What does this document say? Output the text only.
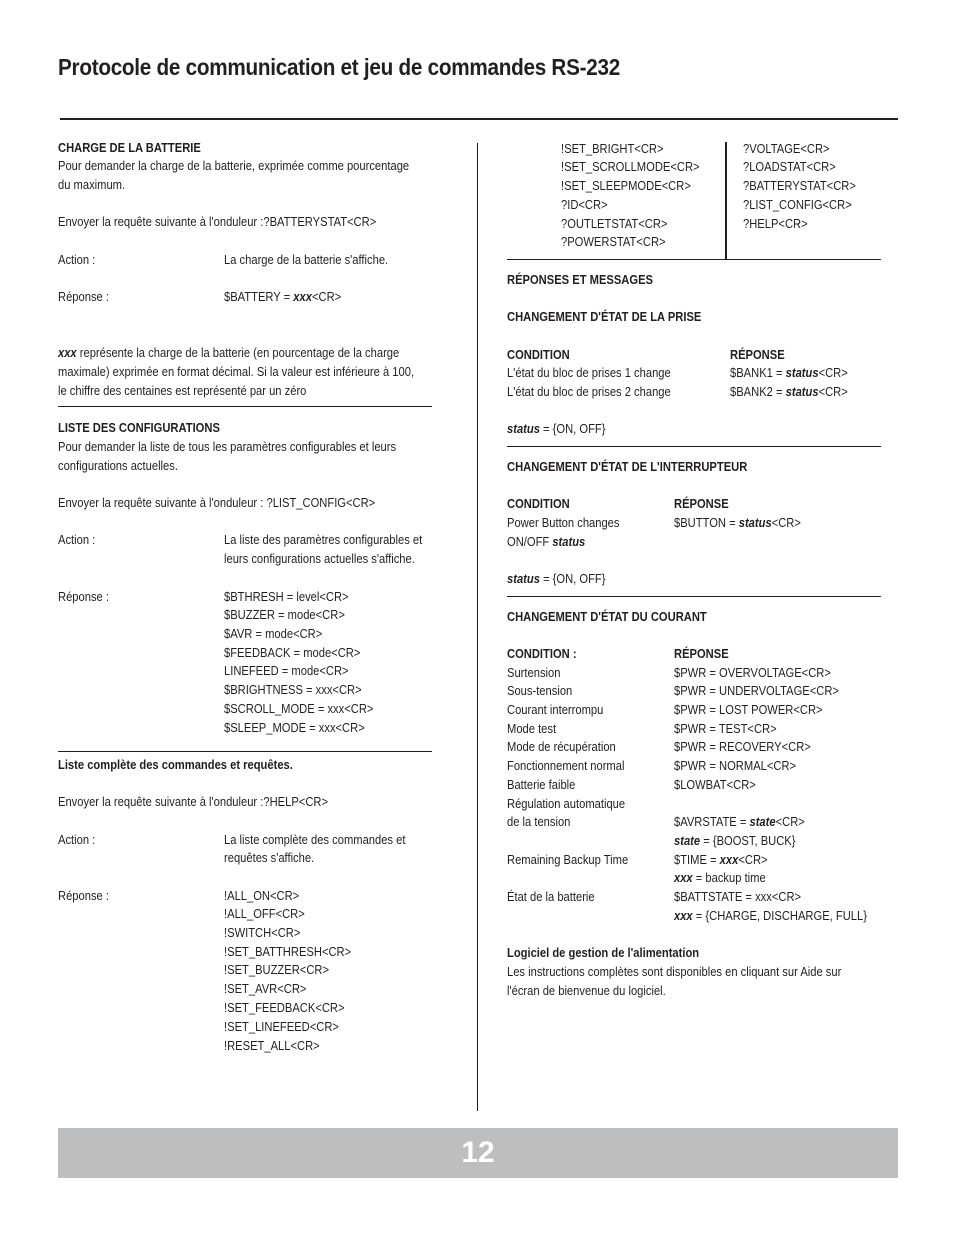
Protocole de communication et jeu de commandes RS-232
CHARGE DE LA BATTERIE
Pour demander la charge de la batterie, exprimée comme pourcentage
du maximum.
Envoyer la requête suivante à l'onduleur :?BATTERYSTAT<CR>
Action :	La charge de la batterie s'affiche.
Réponse :	$BATTERY = xxx<CR>
xxx représente la charge de la batterie (en pourcentage de la charge
maximale) exprimée en format décimal. Si la valeur est inférieure à 100,
le chiffre des centaines est représenté par un zéro
LISTE DES CONFIGURATIONS
Pour demander la liste de tous les paramètres configurables et leurs
configurations actuelles.
Envoyer la requête suivante à l'onduleur : ?LIST_CONFIG<CR>
Action :	La liste des paramètres configurables et
leurs configurations actuelles s'affiche.
Réponse :	$BTHRESH = level<CR>
$BUZZER = mode<CR>
$AVR = mode<CR>
$FEEDBACK = mode<CR>
LINEFEED = mode<CR>
$BRIGHTNESS = xxx<CR>
$SCROLL_MODE = xxx<CR>
$SLEEP_MODE = xxx<CR>
Liste complète des commandes et requêtes.
Envoyer la requête suivante à l'onduleur :?HELP<CR>
Action :	La liste complète des commandes et
requêtes s'affiche.
Réponse :	!ALL_ON<CR>
!ALL_OFF<CR>
!SWITCH<CR>
!SET_BATTHRESH<CR>
!SET_BUZZER<CR>
!SET_AVR<CR>
!SET_FEEDBACK<CR>
!SET_LINEFEED<CR>
!RESET_ALL<CR>
!SET_BRIGHT<CR>
!SET_SCROLLMODE<CR>
!SET_SLEEPMODE<CR>
?ID<CR>
?OUTLETSTAT<CR>
?POWERSTAT<CR>
?VOLTAGE<CR>
?LOADSTAT<CR>
?BATTERYSTAT<CR>
?LIST_CONFIG<CR>
?HELP<CR>
RÉPONSES ET MESSAGES
CHANGEMENT D'ÉTAT DE LA PRISE
CONDITION	RÉPONSE
L'état du bloc de prises 1 change	$BANK1 = status<CR>
L'état du bloc de prises 2 change	$BANK2 = status<CR>
status = {ON, OFF}
CHANGEMENT D'ÉTAT DE L'INTERRUPTEUR
CONDITION	RÉPONSE
Power Button changes	$BUTTON = status<CR>
ON/OFF status
status = {ON, OFF}
CHANGEMENT D'ÉTAT DU COURANT
CONDITION :	RÉPONSE
Surtension	$PWR = OVERVOLTAGE<CR>
Sous-tension	$PWR = UNDERVOLTAGE<CR>
Courant interrompu	$PWR = LOST POWER<CR>
Mode test	$PWR = TEST<CR>
Mode de récupération	$PWR = RECOVERY<CR>
Fonctionnement normal	$PWR = NORMAL<CR>
Batterie faible	$LOWBAT<CR>
Régulation automatique
de la tension	$AVRSTATE = state<CR>
state = {BOOST, BUCK}
Remaining Backup Time	$TIME = xxx<CR>
xxx = backup time
État de la batterie	$BATTSTATE = xxx<CR>
xxx = {CHARGE, DISCHARGE, FULL}
Logiciel de gestion de l'alimentation
Les instructions complètes sont disponibles en cliquant sur Aide sur
l'écran de bienvenue du logiciel.
12
